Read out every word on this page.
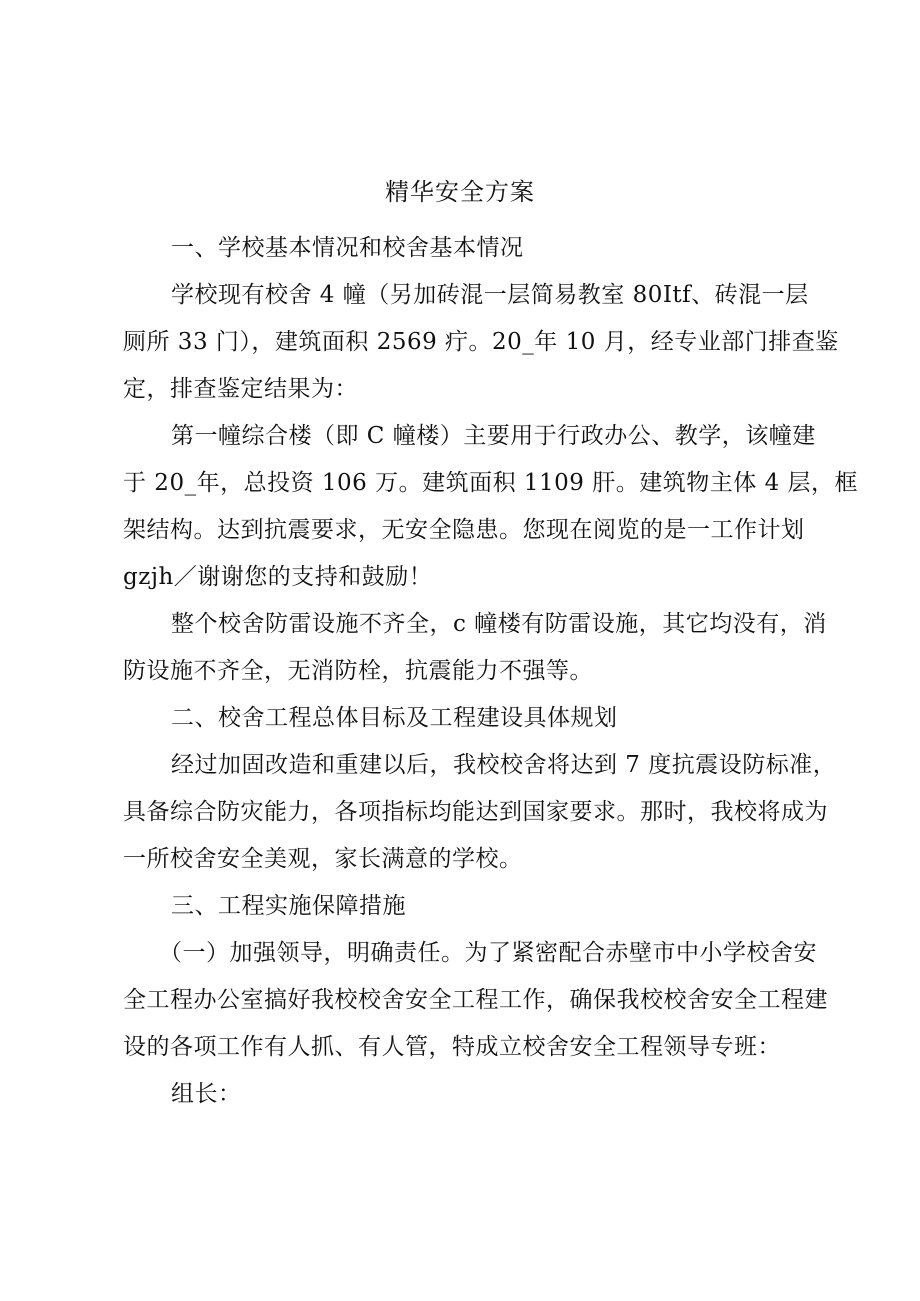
精华安全方案
一、学校基本情况和校舍基本情况
学校现有校舍 4 幢（另加砖混一层简易教室 80Itf、砖混一层
厕所 33 门），建筑面积 2569 疔。20_年 10 月，经专业部门排查鉴
定，排查鉴定结果为：
第一幢综合楼（即 C 幢楼）主要用于行政办公、教学，该幢建
于 20_年，总投资 106 万。建筑面积 1109 肝。建筑物主体 4 层，框
架结构。达到抗震要求，无安全隐患。您现在阅览的是一工作计划
gzjh／谢谢您的支持和鼓励！
整个校舍防雷设施不齐全，c 幢楼有防雷设施，其它均没有，消
防设施不齐全，无消防栓，抗震能力不强等。
二、校舍工程总体目标及工程建设具体规划
经过加固改造和重建以后，我校校舍将达到 7 度抗震设防标准，
具备综合防灾能力，各项指标均能达到国家要求。那时，我校将成为
一所校舍安全美观，家长满意的学校。
三、工程实施保障措施
（一）加强领导，明确责任。为了紧密配合赤壁市中小学校舍安
全工程办公室搞好我校校舍安全工程工作，确保我校校舍安全工程建
设的各项工作有人抓、有人管，特成立校舍安全工程领导专班：
组长：
